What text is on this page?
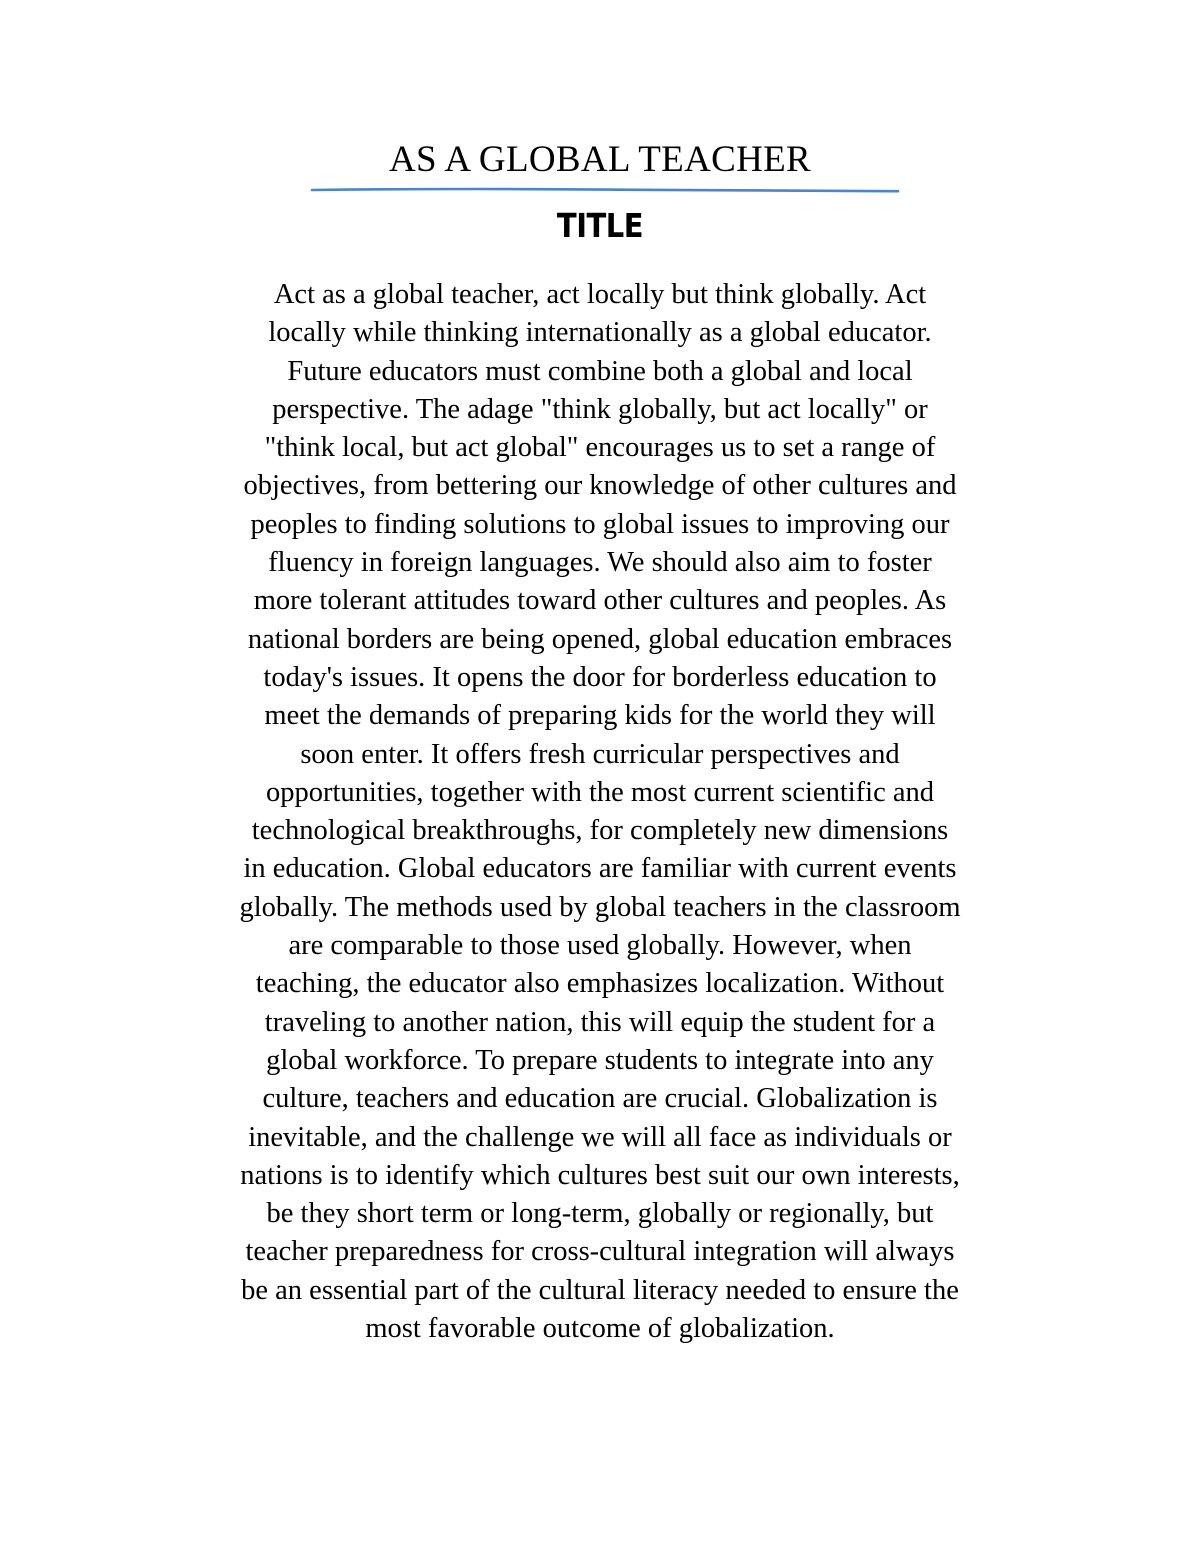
AS A GLOBAL TEACHER
TITLE
Act as a global teacher, act locally but think globally. Act
locally while thinking internationally as a global educator.
Future educators must combine both a global and local
perspective. The adage "think globally, but act locally" or
"think local, but act global" encourages us to set a range of
objectives, from bettering our knowledge of other cultures and
peoples to finding solutions to global issues to improving our
fluency in foreign languages. We should also aim to foster
more tolerant attitudes toward other cultures and peoples. As
national borders are being opened, global education embraces
today's issues. It opens the door for borderless education to
meet the demands of preparing kids for the world they will
soon enter. It offers fresh curricular perspectives and
opportunities, together with the most current scientific and
technological breakthroughs, for completely new dimensions
in education. Global educators are familiar with current events
globally. The methods used by global teachers in the classroom
are comparable to those used globally. However, when
teaching, the educator also emphasizes localization. Without
traveling to another nation, this will equip the student for a
global workforce. To prepare students to integrate into any
culture, teachers and education are crucial. Globalization is
inevitable, and the challenge we will all face as individuals or
nations is to identify which cultures best suit our own interests,
be they short term or long-term, globally or regionally, but
teacher preparedness for cross-cultural integration will always
be an essential part of the cultural literacy needed to ensure the
most favorable outcome of globalization.
